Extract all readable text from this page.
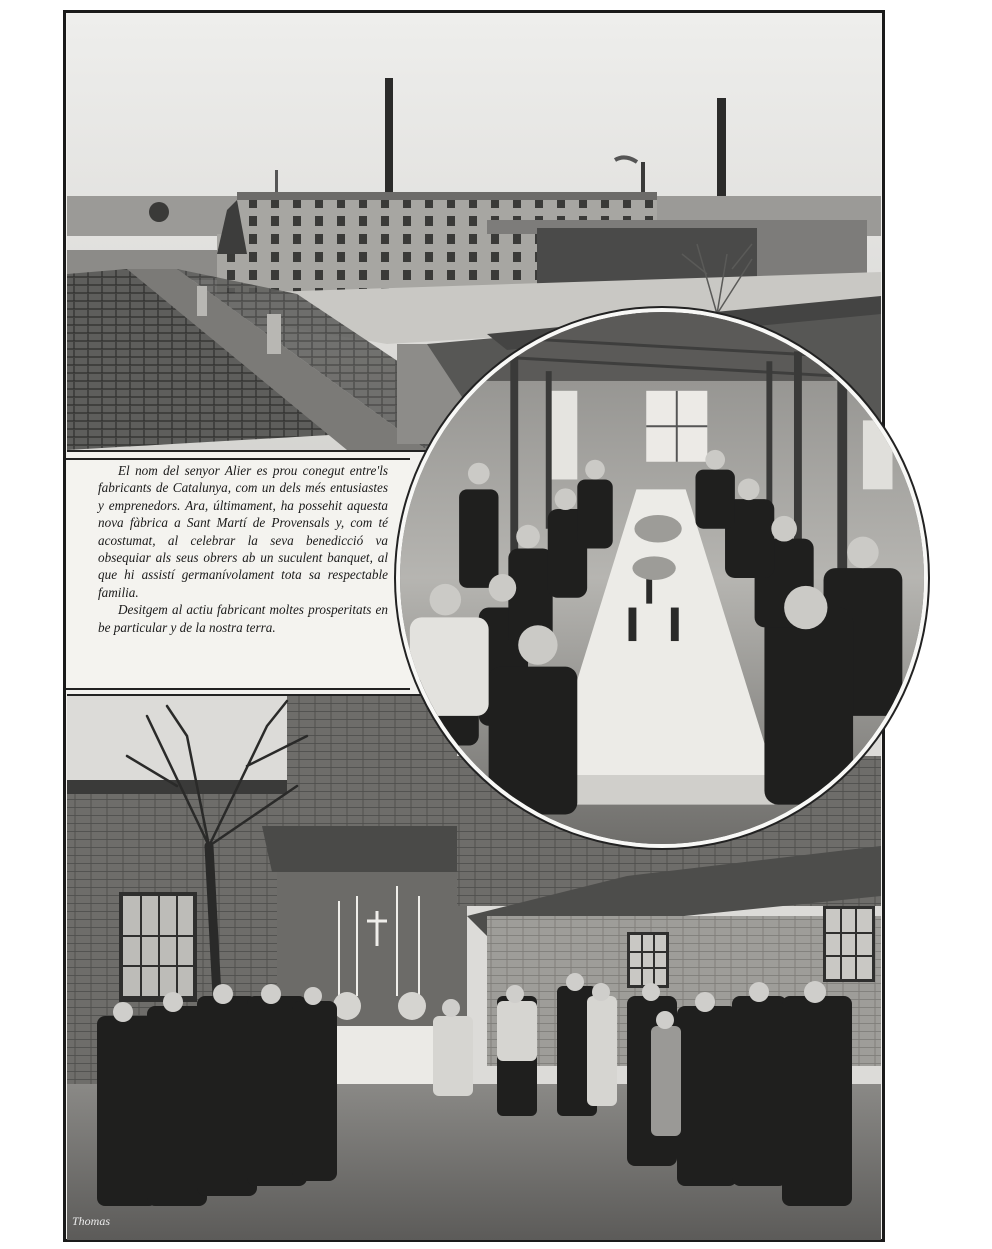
El nom del senyor Alier es prou conegut entre'ls fabricants de Catalunya, com un dels més entusiastes y emprenedors. Ara, últimament, ha possehit aquesta nova fàbrica a Sant Martí de Provensals y, com té acostumat, al celebrar la seva benedicció va obsequiar als seus obrers ab un suculent banquet, al que hi assistí germanívolament tota sa respectable familia.

Desitgem al actiu fabricant moltes prosperitats en be particular y de la nostra terra.

Thomas
